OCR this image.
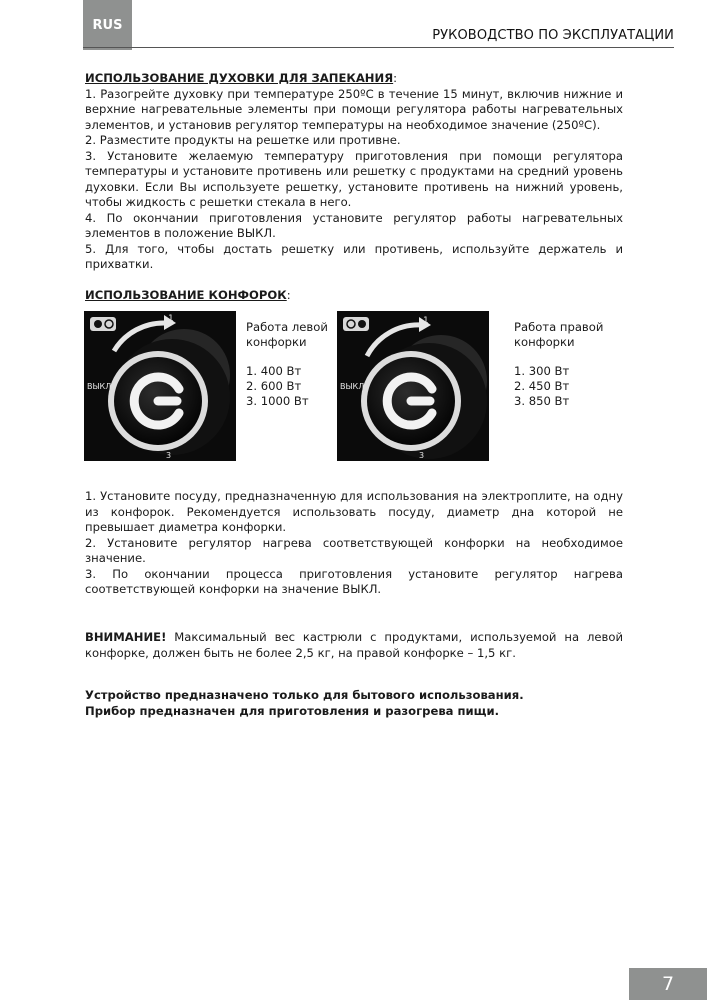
RUS
РУКОВОДСТВО ПО ЭКСПЛУАТАЦИИ

ИСПОЛЬЗОВАНИЕ ДУХОВКИ ДЛЯ ЗАПЕКАНИЯ:

1. Разогрейте духовку при температуре 250ºС в течение 15 минут, включив нижние и верхние нагревательные элементы при помощи регулятора работы нагревательных элементов, и установив регулятор температуры на необходимое значение (250ºС).

2. Разместите продукты на решетке или противне.

3. Установите желаемую температуру приготовления при помощи регулятора температуры и установите противень или решетку с продуктами на средний уровень духовки. Если Вы используете решетку, установите противень на нижний уровень, чтобы жидкость с решетки стекала в него.

4. По окончании приготовления установите регулятор работы нагревательных элементов в положение ВЫКЛ.

5. Для того, чтобы достать решетку или противень, используйте держатель и прихватки.

ИСПОЛЬЗОВАНИЕ КОНФОРОК:

1
ВЫКЛ
3

Работа левой

конфорки

1. 400 Вт

2. 600 Вт

3. 1000 Вт

1
ВЫКЛ
3

Работа правой

конфорки

1. 300 Вт

2. 450 Вт

3. 850 Вт

1. Установите посуду, предназначенную для использования на электроплите, на одну из конфорок. Рекомендуется использовать посуду, диаметр дна которой не превышает диаметра конфорки.

2. Установите регулятор нагрева соответствующей конфорки на необходимое значение.

3. По окончании процесса приготовления установите регулятор нагрева соответствующей конфорки на значение ВЫКЛ.

ВНИМАНИЕ! Максимальный вес кастрюли с продуктами, используемой на левой конфорке, должен быть не более 2,5 кг, на правой конфорке – 1,5 кг.

Устройство предназначено только для бытового использования.

Прибор предназначен для приготовления и разогрева пищи.

7
